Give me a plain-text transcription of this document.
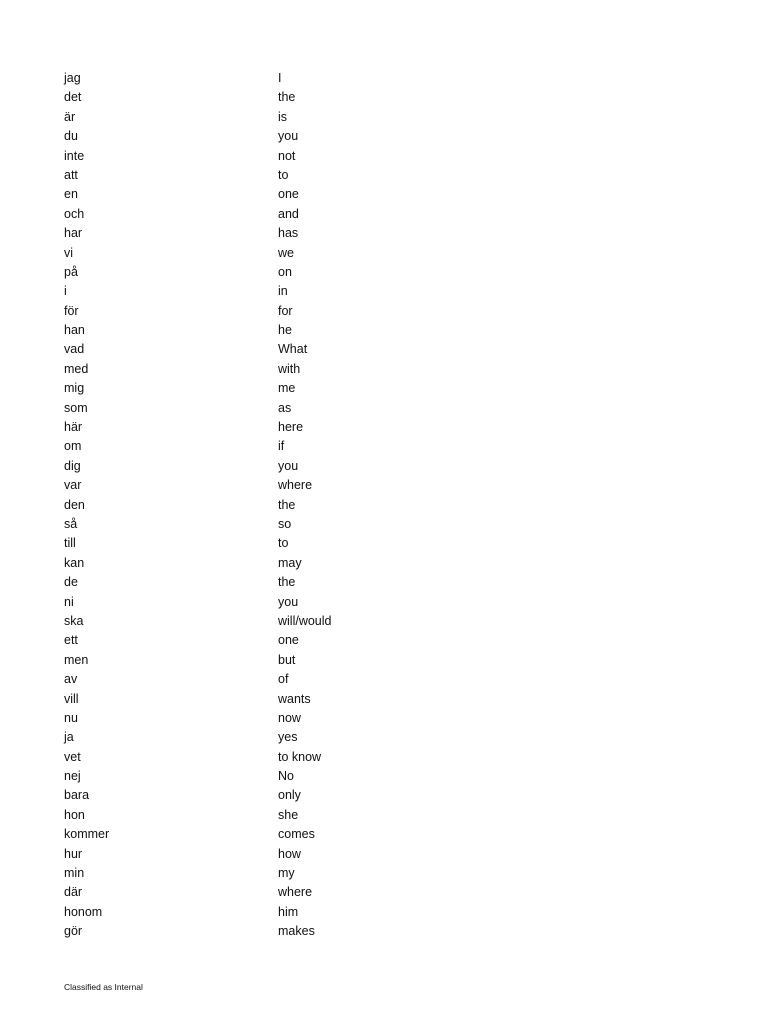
jag	I
det	the
är	is
du	you
inte	not
att	to
en	one
och	and
har	has
vi	we
på	on
i	in
för	for
han	he
vad	What
med	with
mig	me
som	as
här	here
om	if
dig	you
var	where
den	the
så	so
till	to
kan	may
de	the
ni	you
ska	will/would
ett	one
men	but
av	of
vill	wants
nu	now
ja	yes
vet	to know
nej	No
bara	only
hon	she
kommer	comes
hur	how
min	my
där	where
honom	him
gör	makes
Classified as Internal
